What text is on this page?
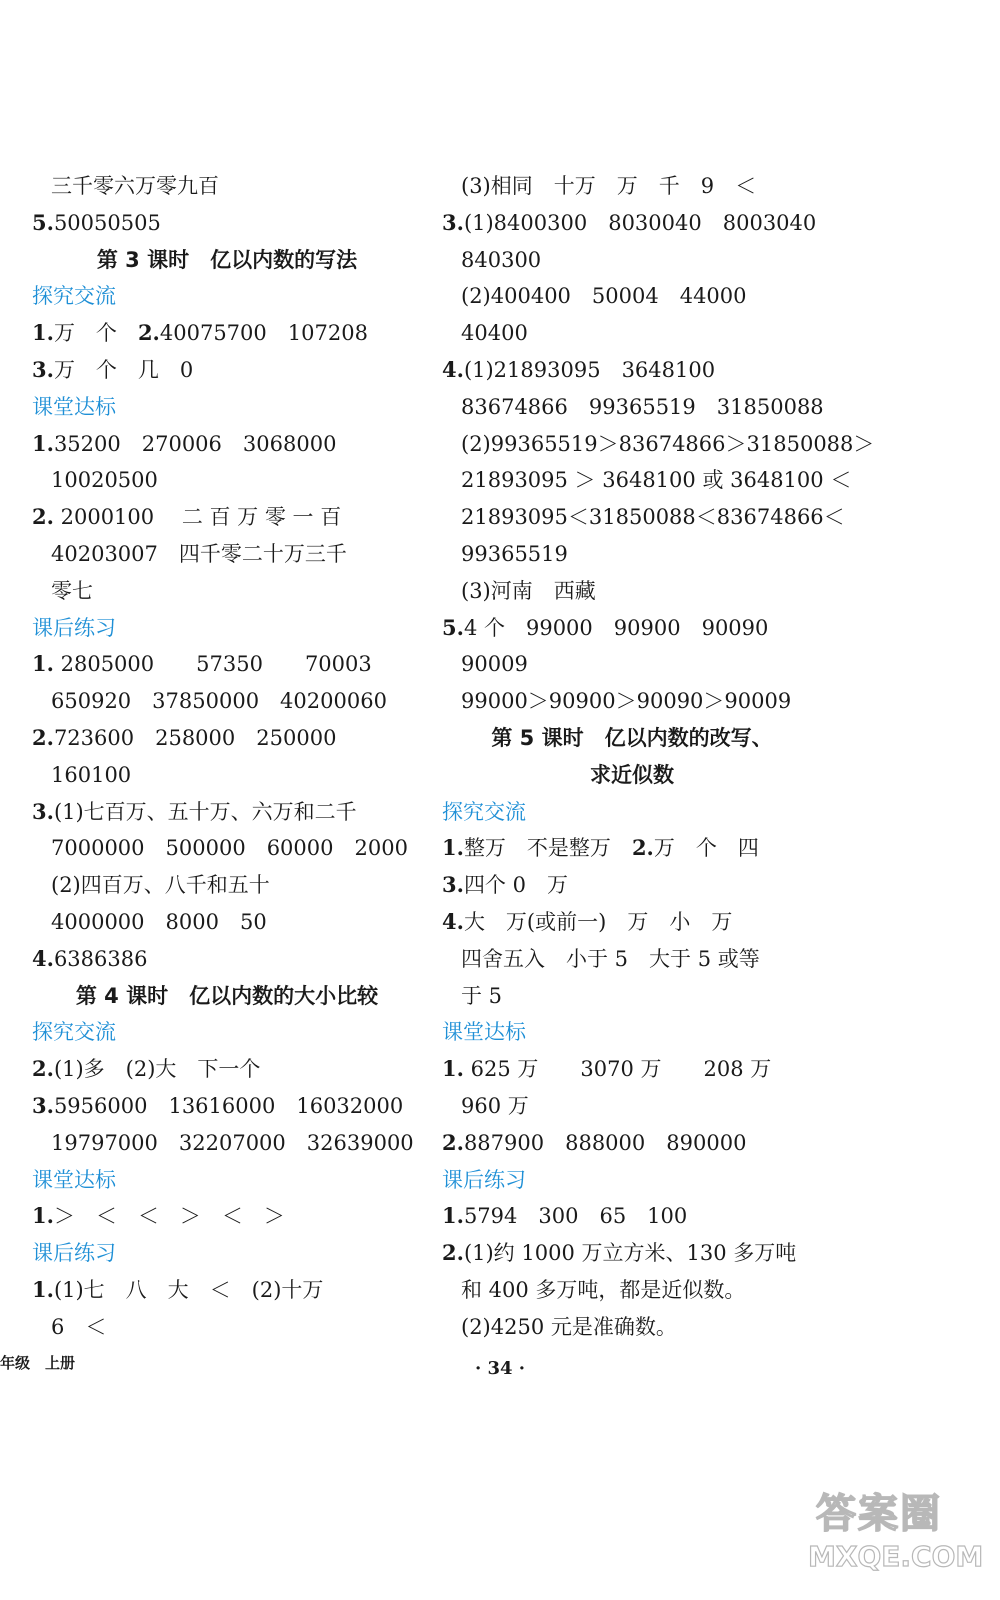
三千零六万零九百
5.50050505
第 3 课时　亿以内数的写法
探究交流
1.万　个　2.40075700　107208
3.万　个　几　0
课堂达标
1.35200　270006　3068000
10020500
2. 2000100　 二 百 万 零 一 百
40203007　四千零二十万三千
零七
课后练习
1. 2805000　　57350　　70003
650920　37850000　40200060
2.723600　258000　250000
160100
3.(1)七百万、五十万、六万和二千
7000000　500000　60000　2000
(2)四百万、八千和五十
4000000　8000　50
4.6386386
第 4 课时　亿以内数的大小比较
探究交流
2.(1)多　(2)大　下一个
3.5956000　13616000　16032000
19797000　32207000　32639000
课堂达标
1.＞　＜　＜　＞　＜　＞
课后练习
1.(1)七　八　大　＜　(2)十万
6　＜
(3)相同　十万　万　千　9　＜
3.(1)8400300　8030040　8003040
840300
(2)400400　50004　44000
40400
4.(1)21893095　3648100
83674866　99365519　31850088
(2)99365519＞83674866＞31850088＞
21893095 ＞ 3648100 或 3648100 ＜
21893095＜31850088＜83674866＜
99365519
(3)河南　西藏
5.4 个　99000　90900　90090
90009
99000＞90900＞90090＞90009
第 5 课时　亿以内数的改写、
求近似数
探究交流
1.整万　不是整万　2.万　个　四
3.四个 0　万
4.大　万(或前一)　万　小　万
四舍五入　小于 5　大于 5 或等
于 5
课堂达标
1. 625 万　　3070 万　　208 万
960 万
2.887900　888000　890000
课后练习
1.5794　300　65　100
2.(1)约 1000 万立方米、130 多万吨
和 400 多万吨，都是近似数。
(2)4250 元是准确数。
年级　上册	· 34 ·
答案圈
MXQE.COM
